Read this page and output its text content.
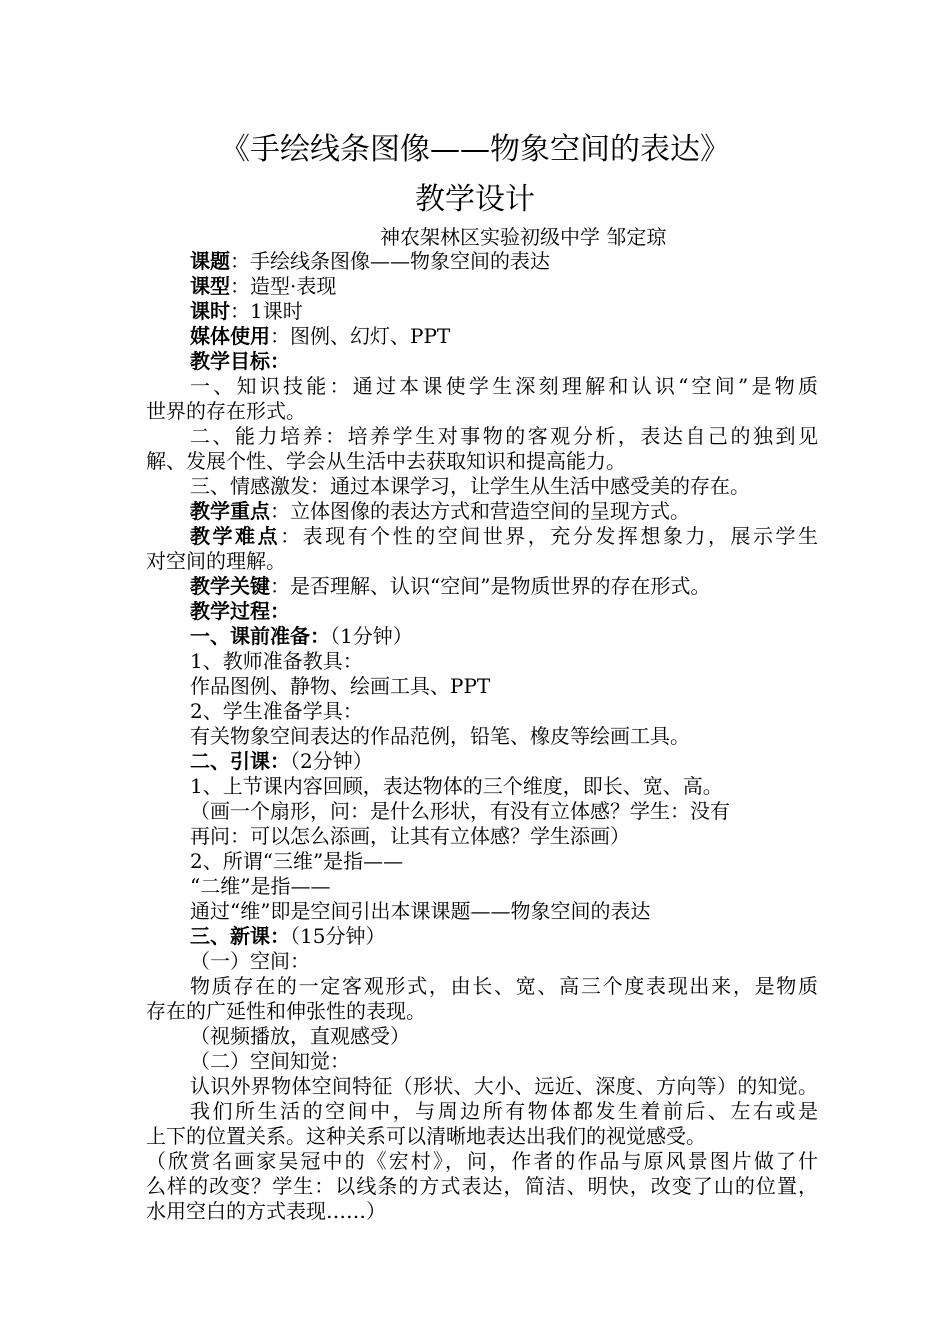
《手绘线条图像——物象空间的表达》
教学设计
神农架林区实验初级中学 邹定琼
课题：手绘线条图像——物象空间的表达
课型：造型·表现
课时：1课时
媒体使用：图例、幻灯、PPT
教学目标：
一、知识技能：通过本课使学生深刻理解和认识“空间”是物质
世界的存在形式。
二、能力培养：培养学生对事物的客观分析，表达自己的独到见
解、发展个性、学会从生活中去获取知识和提高能力。
三、情感激发：通过本课学习，让学生从生活中感受美的存在。
教学重点：立体图像的表达方式和营造空间的呈现方式。
教学难点：表现有个性的空间世界，充分发挥想象力，展示学生
对空间的理解。
教学关键：是否理解、认识“空间”是物质世界的存在形式。
教学过程：
一、课前准备：（1分钟）
1、教师准备教具：
作品图例、静物、绘画工具、PPT
2、学生准备学具：
有关物象空间表达的作品范例，铅笔、橡皮等绘画工具。
二、引课：（2分钟）
1、上节课内容回顾，表达物体的三个维度，即长、宽、高。
（画一个扇形，问：是什么形状，有没有立体感？学生：没有
再问：可以怎么添画，让其有立体感？学生添画）
2、所谓“三维”是指——
“二维”是指——
通过“维”即是空间引出本课课题——物象空间的表达
三、新课：（15分钟）
（一）空间：
物质存在的一定客观形式，由长、宽、高三个度表现出来，是物质
存在的广延性和伸张性的表现。
（视频播放，直观感受）
（二）空间知觉：
认识外界物体空间特征（形状、大小、远近、深度、方向等）的知觉。
我们所生活的空间中，与周边所有物体都发生着前后、左右或是
上下的位置关系。这种关系可以清晰地表达出我们的视觉感受。
（欣赏名画家吴冠中的《宏村》，问，作者的作品与原风景图片做了什
么样的改变？学生：以线条的方式表达，简洁、明快，改变了山的位置，
水用空白的方式表现……）
